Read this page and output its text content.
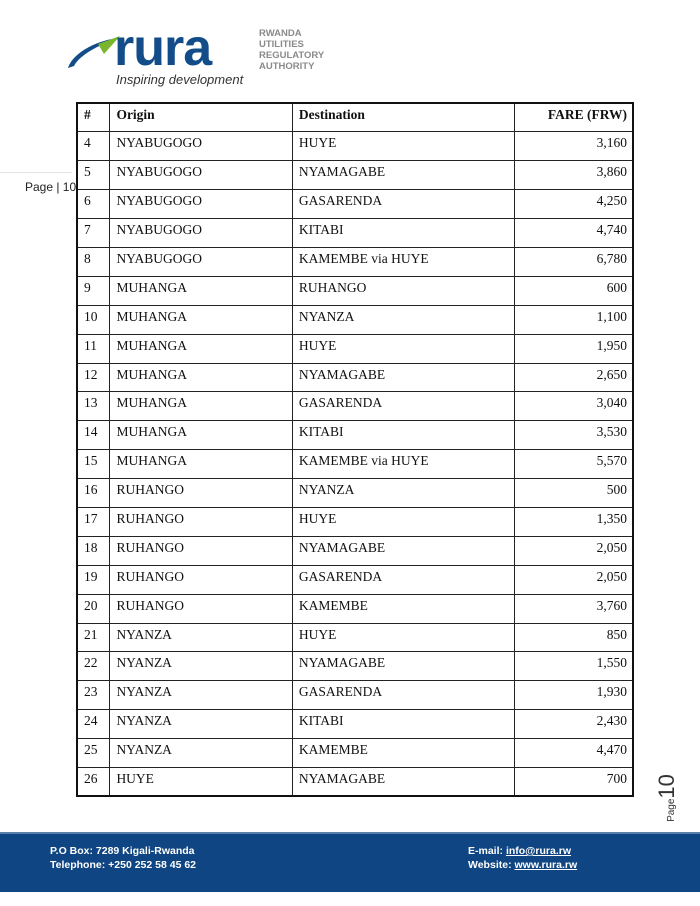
rura
Inspiring development
RWANDA
UTILITIES
REGULATORY
AUTHORITY
Page | 10
#	Origin	Destination	FARE (FRW)
4	NYABUGOGO	HUYE	3,160
5	NYABUGOGO	NYAMAGABE	3,860
6	NYABUGOGO	GASARENDA	4,250
7	NYABUGOGO	KITABI	4,740
8	NYABUGOGO	KAMEMBE via HUYE	6,780
9	MUHANGA	RUHANGO	600
10	MUHANGA	NYANZA	1,100
11	MUHANGA	HUYE	1,950
12	MUHANGA	NYAMAGABE	2,650
13	MUHANGA	GASARENDA	3,040
14	MUHANGA	KITABI	3,530
15	MUHANGA	KAMEMBE via HUYE	5,570
16	RUHANGO	NYANZA	500
17	RUHANGO	HUYE	1,350
18	RUHANGO	NYAMAGABE	2,050
19	RUHANGO	GASARENDA	2,050
20	RUHANGO	KAMEMBE	3,760
21	NYANZA	HUYE	850
22	NYANZA	NYAMAGABE	1,550
23	NYANZA	GASARENDA	1,930
24	NYANZA	KITABI	2,430
25	NYANZA	KAMEMBE	4,470
26	HUYE	NYAMAGABE	700
Page10
P.O Box: 7289 Kigali-Rwanda
Telephone: +250 252 58 45 62
E-mail: info@rura.rw
Website: www.rura.rw
